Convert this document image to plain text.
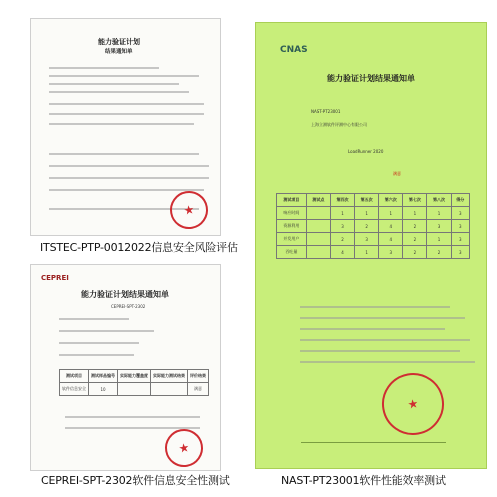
能力验证计划
结果通知单
★	CNAS
能力验证计划结果通知单
NAST-PT23001
上海立测软件评测中心有限公司
LoadRunner 2020
满意
测试项目	测试点	第四次	第五次	第六次	第七次	第八次	得分
响应时间		1	1	1	1	1	3
资源利用		3	2	4	2	3	3
并发用户		2	3	4	2	1	3
吞吐量		4	1	3	2	2	3
★
CEPREI
能力验证计划结果通知单
CEPREI-SPT-2302
测试项目	测试样品编号	实际能力覆盖度	实际能力测试结果	评价结果
软件信息安全	10			满意
★
ITSTEC-PTP-0012022信息安全风险评估
CEPREI-SPT-2302软件信息安全性测试	NAST-PT23001软件性能效率测试
